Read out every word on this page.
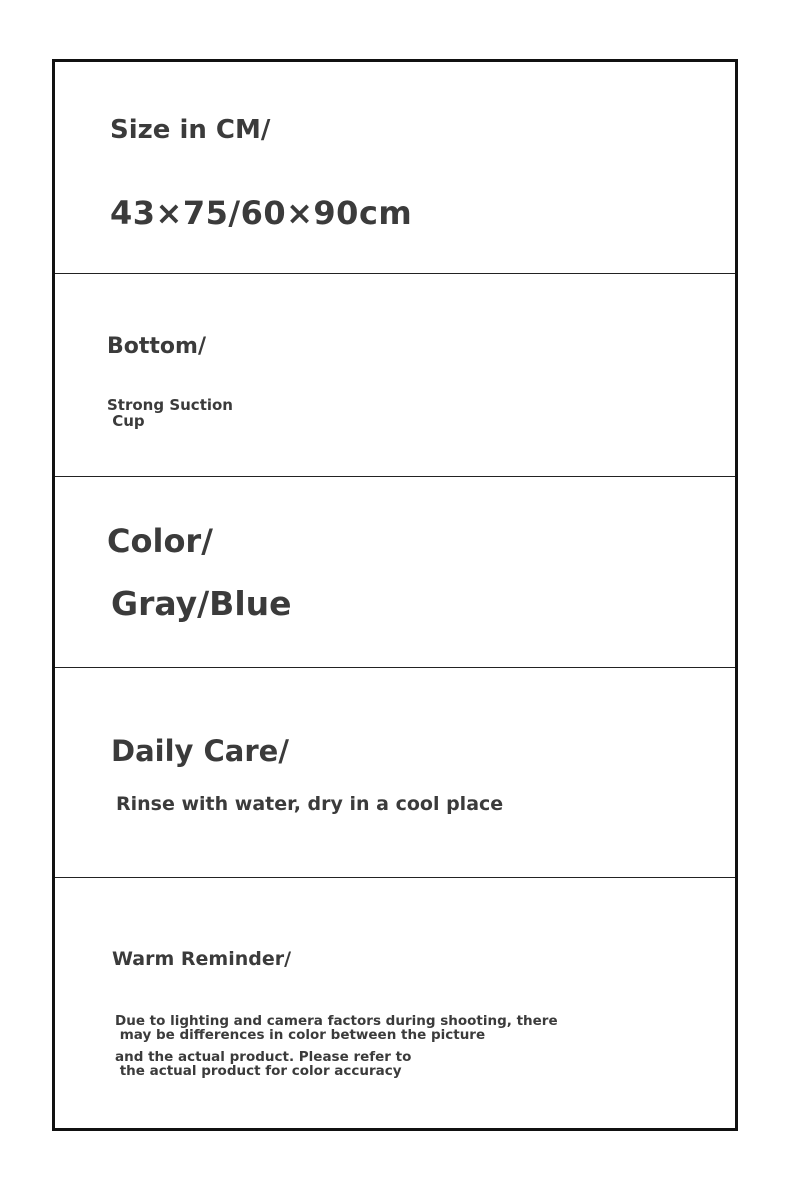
Size in CM/
43×75/60×90cm
Bottom/
Strong Suction
Cup
Color/
Gray/Blue
Daily Care/
Rinse with water, dry in a cool place
Warm Reminder/
Due to lighting and camera factors during shooting, there
may be differences in color between the picture
and the actual product. Please refer to
the actual product for color accuracy
